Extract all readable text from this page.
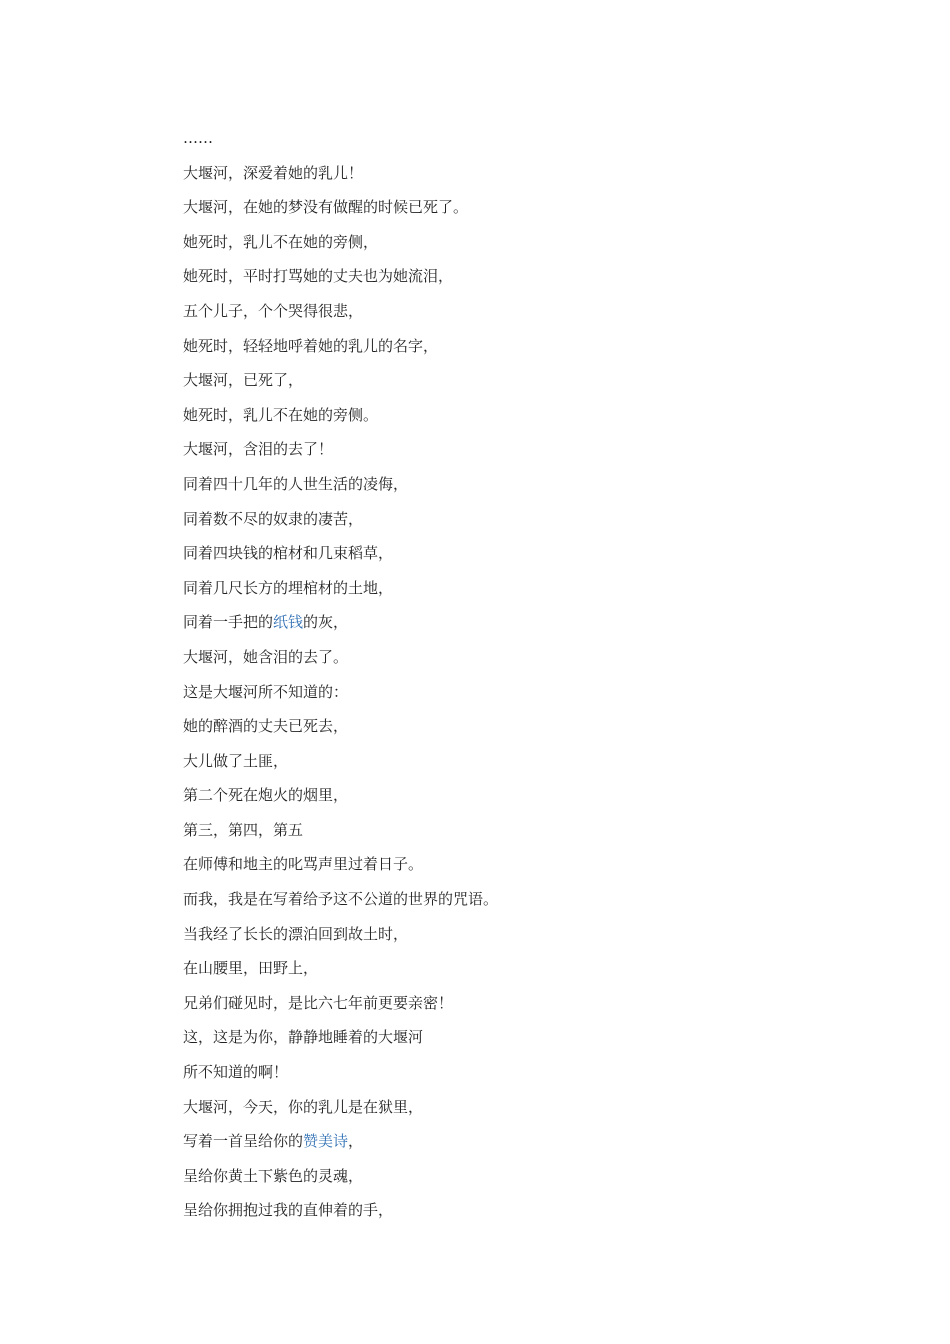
……
大堰河，深爱着她的乳儿！
大堰河，在她的梦没有做醒的时候已死了。
她死时，乳儿不在她的旁侧，
她死时，平时打骂她的丈夫也为她流泪，
五个儿子，个个哭得很悲，
她死时，轻轻地呼着她的乳儿的名字，
大堰河，已死了，
她死时，乳儿不在她的旁侧。
大堰河，含泪的去了！
同着四十几年的人世生活的凌侮，
同着数不尽的奴隶的凄苦，
同着四块钱的棺材和几束稻草，
同着几尺长方的埋棺材的土地，
同着一手把的纸钱的灰，
大堰河，她含泪的去了。
这是大堰河所不知道的：
她的醉酒的丈夫已死去，
大儿做了土匪，
第二个死在炮火的烟里，
第三，第四，第五
在师傅和地主的叱骂声里过着日子。
而我，我是在写着给予这不公道的世界的咒语。
当我经了长长的漂泊回到故土时，
在山腰里，田野上，
兄弟们碰见时，是比六七年前更要亲密！
这，这是为你，静静地睡着的大堰河
所不知道的啊！
大堰河，今天，你的乳儿是在狱里，
写着一首呈给你的赞美诗，
呈给你黄土下紫色的灵魂，
呈给你拥抱过我的直伸着的手，
